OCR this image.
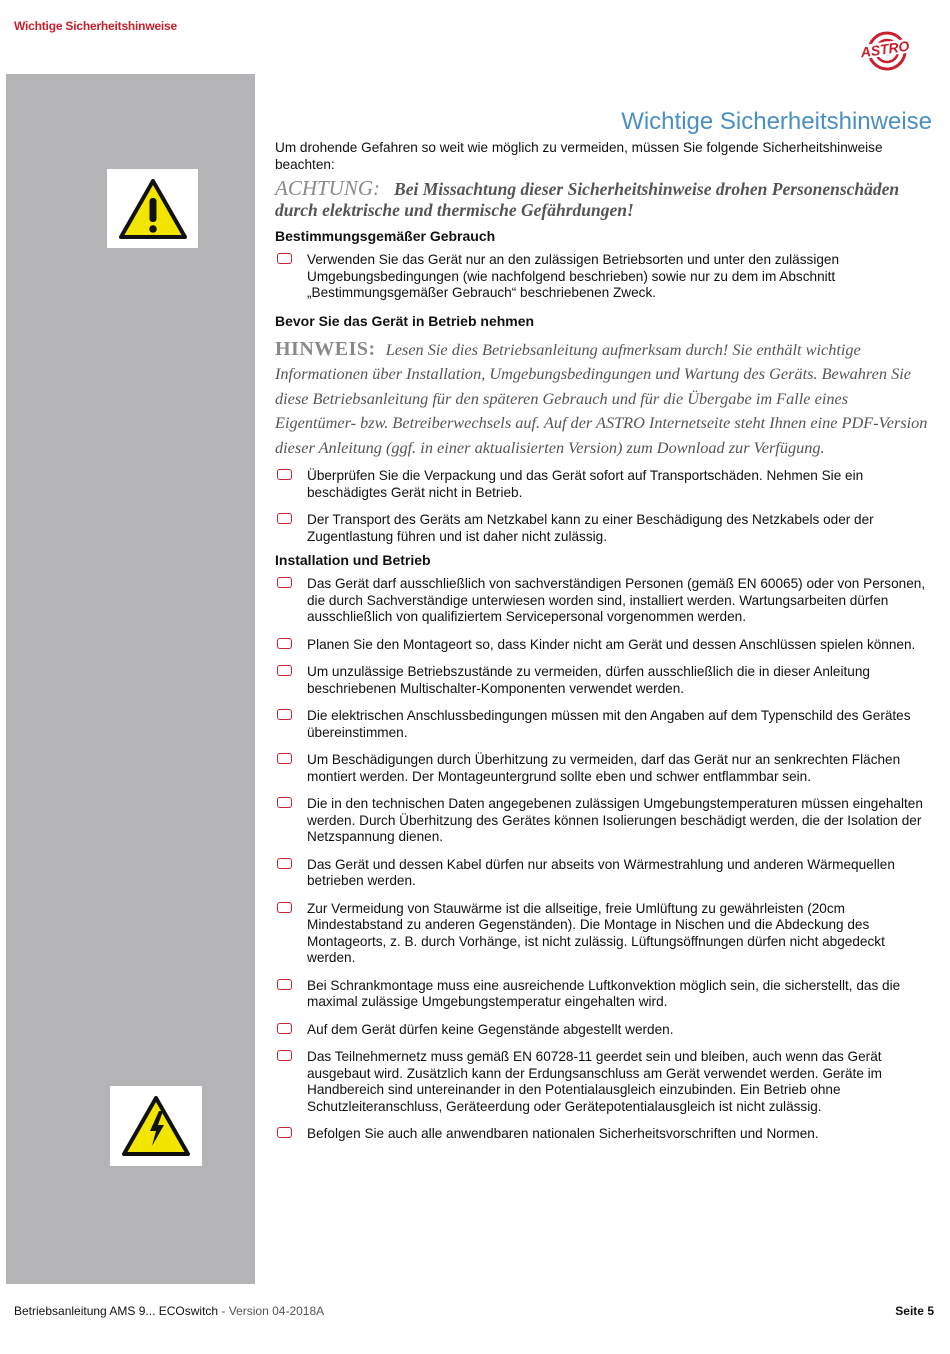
Wichtige Sicherheitshinweise
ASTRO
Wichtige Sicherheitshinweise

Um drohende Gefahren so weit wie möglich zu vermeiden, müssen Sie folgende Sicherheitshinweise beachten:

ACHTUNG: Bei Missachtung dieser Sicherheitshinweise drohen Personenschäden durch elektrische und thermische Gefährdungen!

Bestimmungsgemäßer Gebrauch
Verwenden Sie das Gerät nur an den zulässigen Betriebsorten und unter den zulässigen Umgebungsbedingungen (wie nachfolgend beschrieben) sowie nur zu dem im Abschnitt „Bestimmungsgemäßer Gebrauch“ beschriebenen Zweck.
Bevor Sie das Gerät in Betrieb nehmen

HINWEIS: Lesen Sie dies Betriebsanleitung aufmerksam durch! Sie enthält wichtige Informationen über Installation, Umgebungsbedingungen und Wartung des Geräts. Bewahren Sie diese Betriebsanleitung für den späteren Gebrauch und für die Übergabe im Falle eines Eigentümer- bzw. Betreiberwechsels auf. Auf der ASTRO Internetseite steht Ihnen eine PDF-Version dieser Anleitung (ggf. in einer aktualisierten Version) zum Download zur Verfügung.

Überprüfen Sie die Verpackung und das Gerät sofort auf Transportschäden. Nehmen Sie ein beschädigtes Gerät nicht in Betrieb.
Der Transport des Geräts am Netzkabel kann zu einer Beschädigung des Netzkabels oder der Zugentlastung führen und ist daher nicht zulässig.
Installation und Betrieb
Das Gerät darf ausschließlich von sachverständigen Personen (gemäß EN 60065) oder von Personen, die durch Sachverständige unterwiesen worden sind, installiert werden. Wartungsarbeiten dürfen ausschließlich von qualifiziertem Servicepersonal vorgenommen werden.
Planen Sie den Montageort so, dass Kinder nicht am Gerät und dessen Anschlüssen spielen können.
Um unzulässige Betriebszustände zu vermeiden, dürfen ausschließlich die in dieser Anleitung beschriebenen Multischalter-Komponenten verwendet werden.
Die elektrischen Anschlussbedingungen müssen mit den Angaben auf dem Typenschild des Gerätes übereinstimmen.
Um Beschädigungen durch Überhitzung zu vermeiden, darf das Gerät nur an senkrechten Flächen montiert werden. Der Montageuntergrund sollte eben und schwer entflammbar sein.
Die in den technischen Daten angegebenen zulässigen Umgebungstemperaturen müssen eingehalten werden. Durch Überhitzung des Gerätes können Isolierungen beschädigt werden, die der Isolation der Netzspannung dienen.
Das Gerät und dessen Kabel dürfen nur abseits von Wärmestrahlung und anderen Wärmequellen betrieben werden.
Zur Vermeidung von Stauwärme ist die allseitige, freie Umlüftung zu gewährleisten (20cm Mindestabstand zu anderen Gegenständen). Die Montage in Nischen und die Abdeckung des Montageorts, z. B. durch Vorhänge, ist nicht zulässig. Lüftungsöffnungen dürfen nicht abgedeckt werden.
Bei Schrankmontage muss eine ausreichende Luftkonvektion möglich sein, die sicherstellt, das die maximal zulässige Umgebungstemperatur eingehalten wird.
Auf dem Gerät dürfen keine Gegenstände abgestellt werden.
Das Teilnehmernetz muss gemäß EN 60728-11 geerdet sein und bleiben, auch wenn das Gerät ausgebaut wird. Zusätzlich kann der Erdungsanschluss am Gerät verwendet werden. Geräte im Handbereich sind untereinander in den Potentialausgleich einzubinden. Ein Betrieb ohne Schutzleiteranschluss, Geräteerdung oder Gerätepotentialausgleich ist nicht zulässig.
Befolgen Sie auch alle anwendbaren nationalen Sicherheitsvorschriften und Normen.
Betriebsanleitung AMS 9... ECOswitch - Version 04-2018A	Seite 5
